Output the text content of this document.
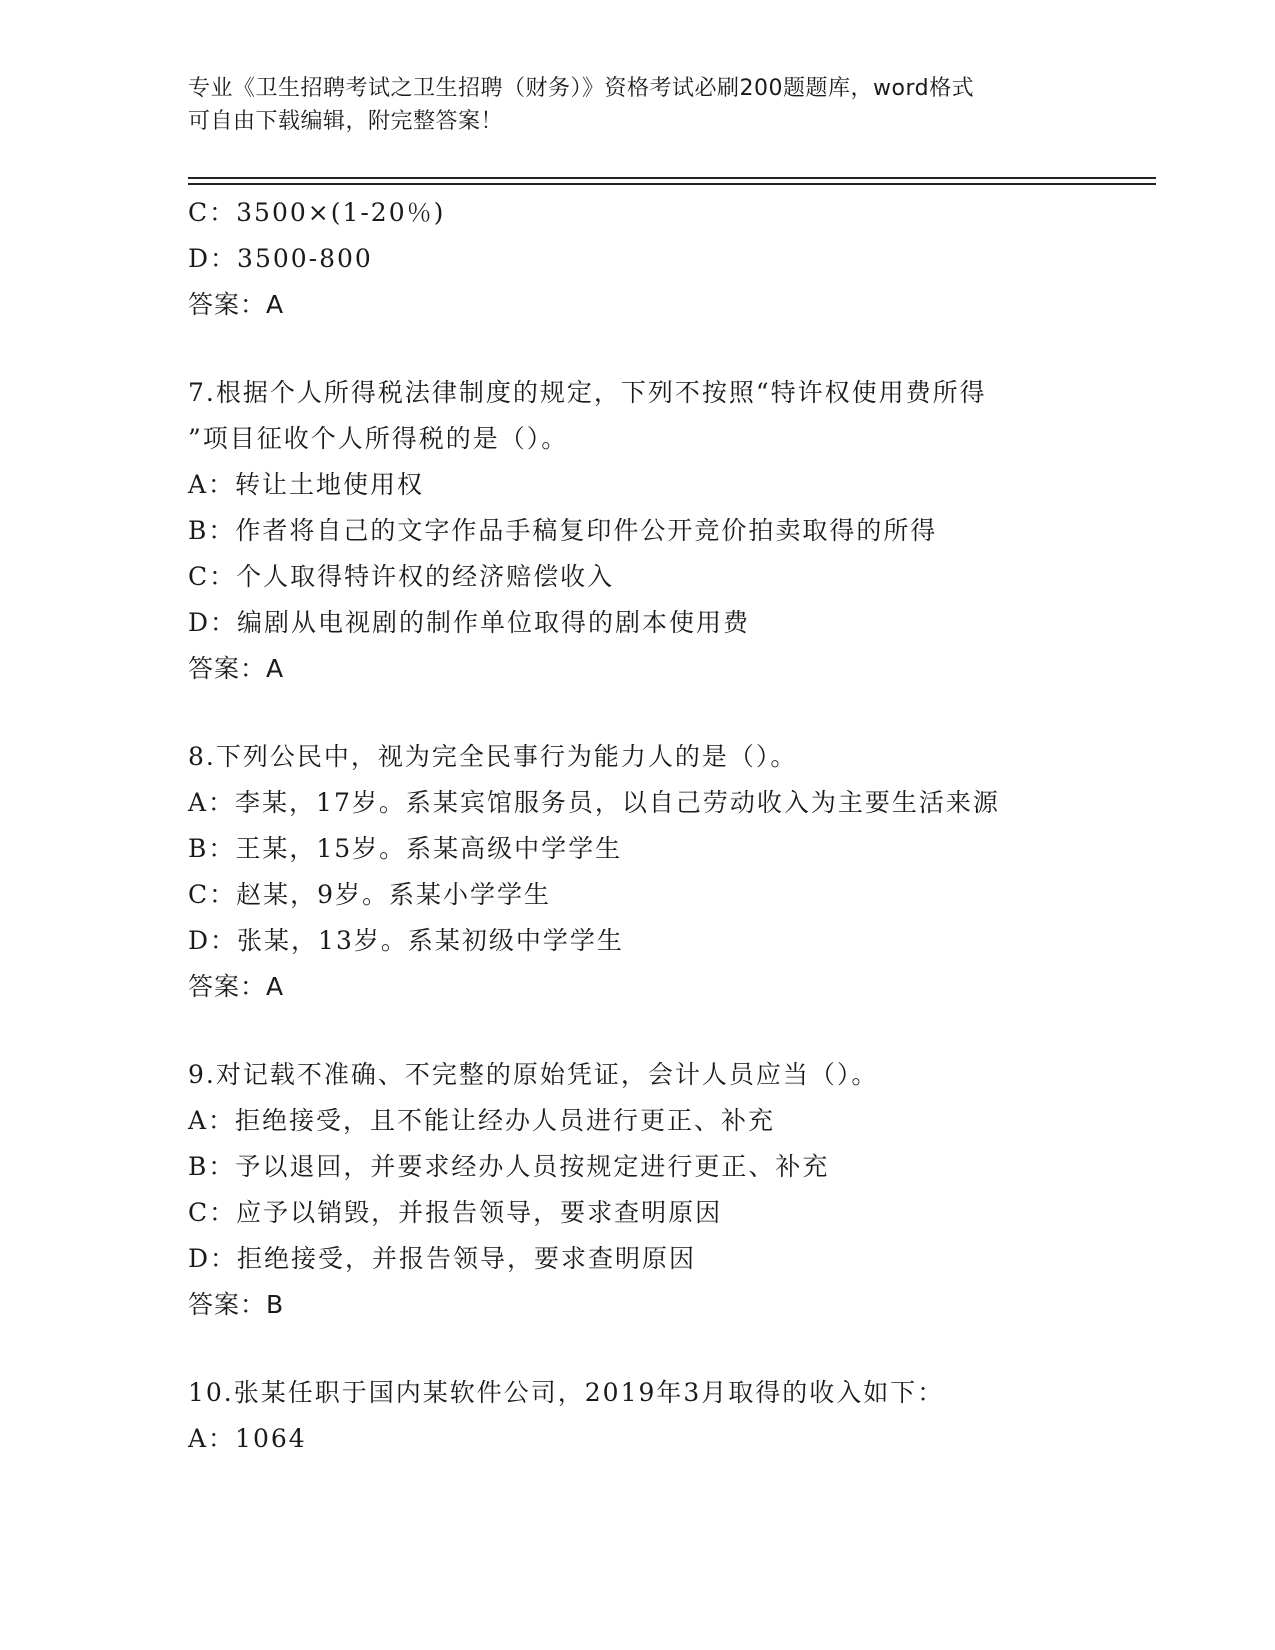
专业《卫生招聘考试之卫生招聘（财务）》资格考试必刷200题题库，word格式
可自由下载编辑，附完整答案！
C：3500×(1-20％)
D：3500-800
答案：A
7.根据个人所得税法律制度的规定，下列不按照“特许权使用费所得
”项目征收个人所得税的是（）。
A：转让土地使用权
B：作者将自己的文字作品手稿复印件公开竞价拍卖取得的所得
C：个人取得特许权的经济赔偿收入
D：编剧从电视剧的制作单位取得的剧本使用费
答案：A
8.下列公民中，视为完全民事行为能力人的是（）。
A：李某，17岁。系某宾馆服务员，以自己劳动收入为主要生活来源
B：王某，15岁。系某高级中学学生
C：赵某，9岁。系某小学学生
D：张某，13岁。系某初级中学学生
答案：A
9.对记载不准确、不完整的原始凭证，会计人员应当（）。
A：拒绝接受，且不能让经办人员进行更正、补充
B：予以退回，并要求经办人员按规定进行更正、补充
C：应予以销毁，并报告领导，要求查明原因
D：拒绝接受，并报告领导，要求查明原因
答案：B
10.张某任职于国内某软件公司，2019年3月取得的收入如下：
A：1064
